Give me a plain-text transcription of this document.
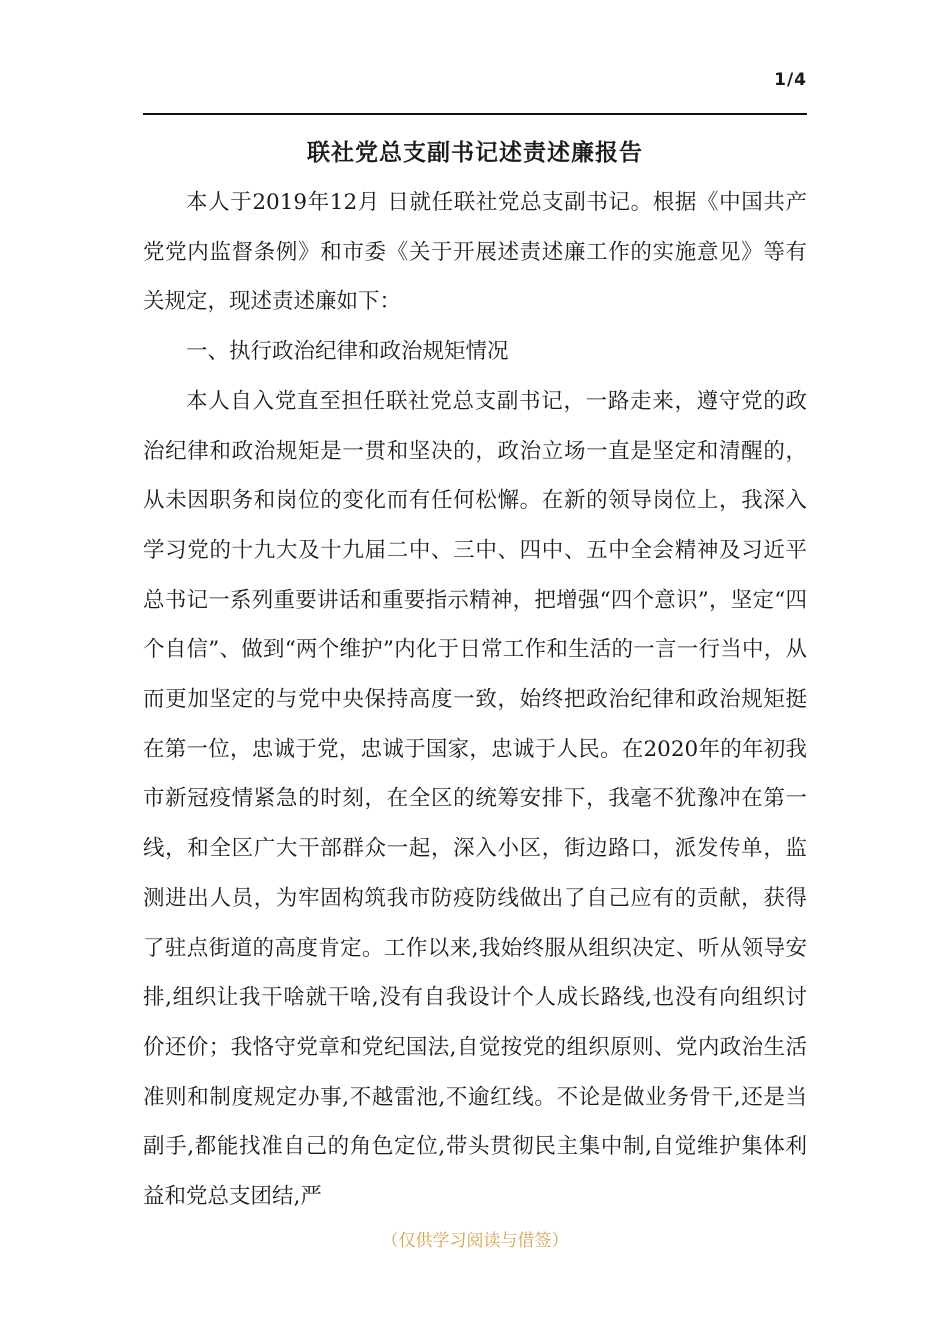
1/4
联社党总支副书记述责述廉报告

本人于2019年12月 日就任联社党总支副书记。根据《中国共产党党内监督条例》和市委《关于开展述责述廉工作的实施意见》等有关规定，现述责述廉如下：

一、执行政治纪律和政治规矩情况

本人自入党直至担任联社党总支副书记，一路走来，遵守党的政治纪律和政治规矩是一贯和坚决的，政治立场一直是坚定和清醒的，从未因职务和岗位的变化而有任何松懈。在新的领导岗位上，我深入学习党的十九大及十九届二中、三中、四中、五中全会精神及习近平总书记一系列重要讲话和重要指示精神，把增强“四个意识”，坚定“四个自信”、做到“两个维护”内化于日常工作和生活的一言一行当中，从而更加坚定的与党中央保持高度一致，始终把政治纪律和政治规矩挺在第一位，忠诚于党，忠诚于国家，忠诚于人民。在2020年的年初我市新冠疫情紧急的时刻，在全区的统筹安排下，我毫不犹豫冲在第一线，和全区广大干部群众一起，深入小区，街边路口，派发传单，监测进出人员，为牢固构筑我市防疫防线做出了自己应有的贡献，获得了驻点街道的高度肯定。工作以来,我始终服从组织决定、听从领导安排,组织让我干啥就干啥,没有自我设计个人成长路线,也没有向组织讨价还价；我恪守党章和党纪国法,自觉按党的组织原则、党内政治生活准则和制度规定办事,不越雷池,不逾红线。不论是做业务骨干,还是当副手,都能找准自己的角色定位,带头贯彻民主集中制,自觉维护集体利益和党总支团结,严

（仅供学习阅读与借签）
